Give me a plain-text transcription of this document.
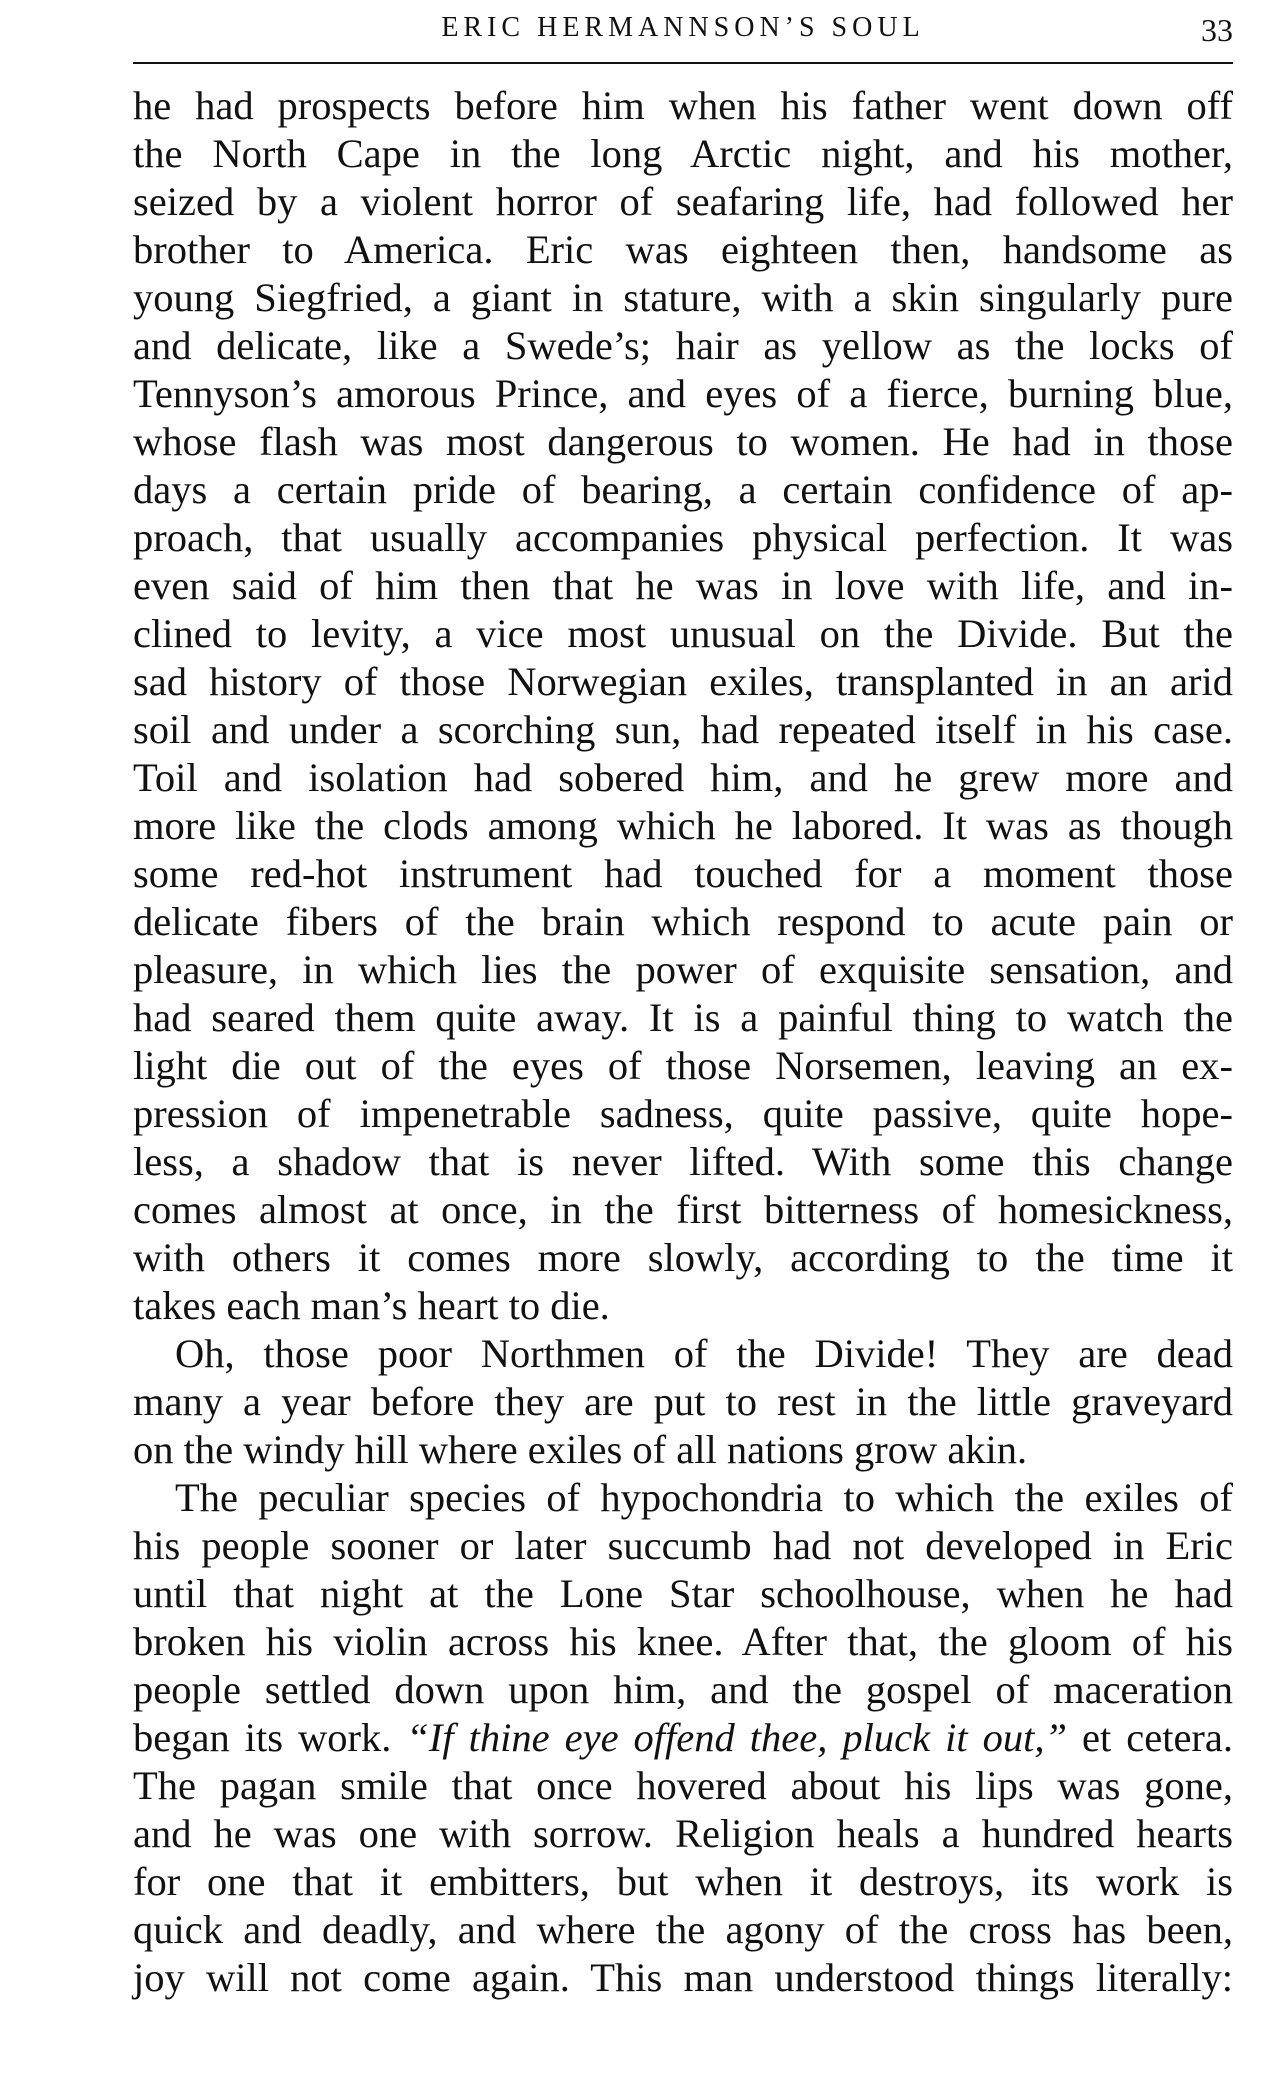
ERIC HERMANNSON’S SOUL	33

he had prospects before him when his father went down off
the North Cape in the long Arctic night, and his mother,
seized by a violent horror of seafaring life, had followed her
brother to America. Eric was eighteen then, handsome as
young Siegfried, a giant in stature, with a skin singularly pure
and delicate, like a Swede’s; hair as yellow as the locks of
Tennyson’s amorous Prince, and eyes of a fierce, burning blue,
whose flash was most dangerous to women. He had in those
days a certain pride of bearing, a certain confidence of ap-
proach, that usually accompanies physical perfection. It was
even said of him then that he was in love with life, and in-
clined to levity, a vice most unusual on the Divide. But the
sad history of those Norwegian exiles, transplanted in an arid
soil and under a scorching sun, had repeated itself in his case.
Toil and isolation had sobered him, and he grew more and
more like the clods among which he labored. It was as though
some red-hot instrument had touched for a moment those
delicate fibers of the brain which respond to acute pain or
pleasure, in which lies the power of exquisite sensation, and
had seared them quite away. It is a painful thing to watch the
light die out of the eyes of those Norsemen, leaving an ex-
pression of impenetrable sadness, quite passive, quite hope-
less, a shadow that is never lifted. With some this change
comes almost at once, in the first bitterness of homesickness,
with others it comes more slowly, according to the time it
takes each man’s heart to die.

Oh, those poor Northmen of the Divide! They are dead
many a year before they are put to rest in the little graveyard
on the windy hill where exiles of all nations grow akin.

The peculiar species of hypochondria to which the exiles of
his people sooner or later succumb had not developed in Eric
until that night at the Lone Star schoolhouse, when he had
broken his violin across his knee. After that, the gloom of his
people settled down upon him, and the gospel of maceration
began its work. “If thine eye offend thee, pluck it out,” et cetera.
The pagan smile that once hovered about his lips was gone,
and he was one with sorrow. Religion heals a hundred hearts
for one that it embitters, but when it destroys, its work is
quick and deadly, and where the agony of the cross has been,
joy will not come again. This man understood things literally:
